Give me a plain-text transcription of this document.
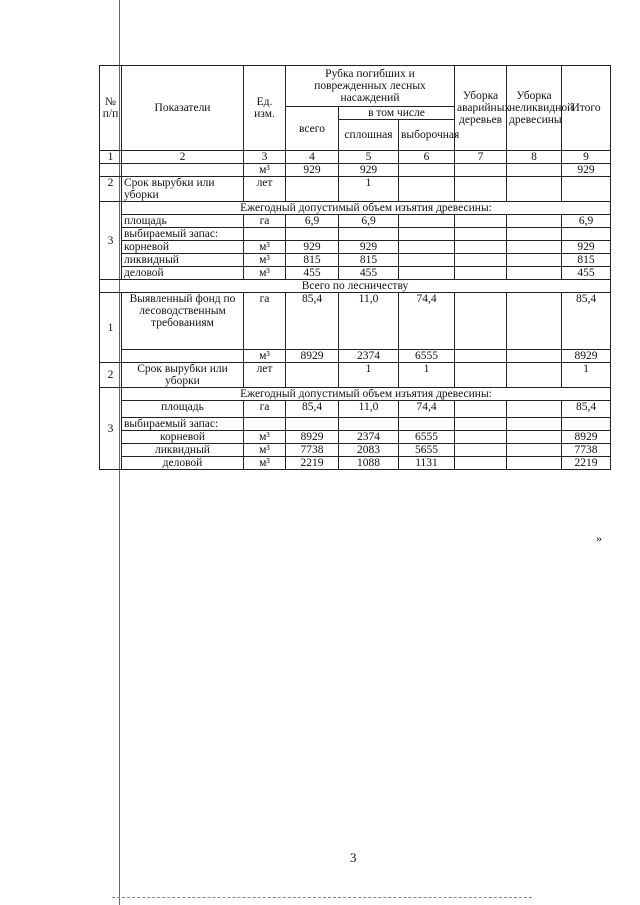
№ п/п	Показатели	Ед. изм.	Рубка погибших и поврежденных лесных насаждений			Уборка аварийных деревьев	Уборка неликвидной древесины	Итого
			всего	в том числе				
				сплошная	выборочная			
1	2	3	4	5	6	7	8	9
		м³	929	929				929
2	Срок вырубки или уборки	лет		1				
3	Ежегодный допустимый объем изъятия древесины:							
	площадь	га	6,9	6,9				6,9
	выбираемый запас:							
	корневой	м³	929	929				929
	ликвидный	м³	815	815				815
	деловой	м³	455	455				455
Всего по лесничеству								
1	Выявленный фонд по лесоводственным требованиям	га	85,4	11,0	74,4			85,4
		м³	8929	2374	6555			8929
2	Срок вырубки или уборки	лет		1	1			1
3	Ежегодный допустимый объем изъятия древесины:							
	площадь	га	85,4	11,0	74,4			85,4
	выбираемый запас:							
	корневой	м³	8929	2374	6555			8929
	ликвидный	м³	7738	2083	5655			7738
	деловой	м³	2219	1088	1131			2219
»
3
